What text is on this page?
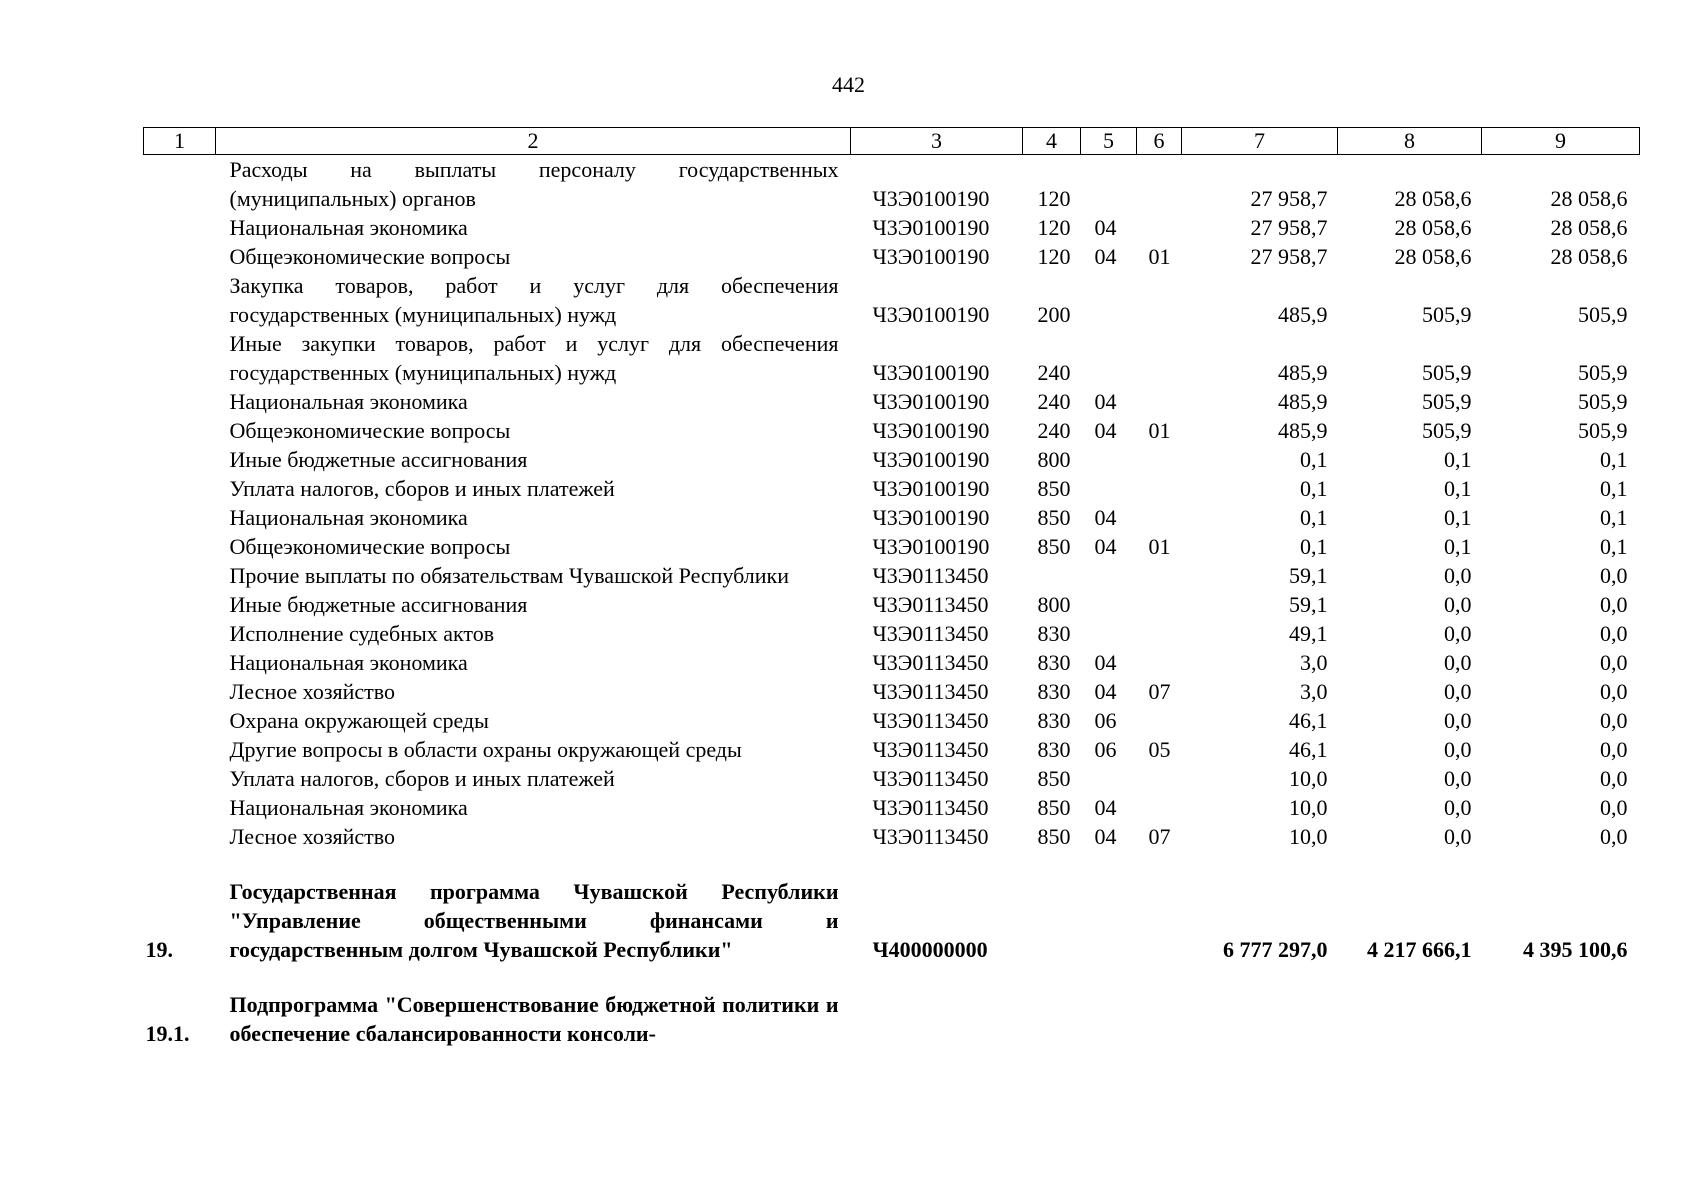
442
1	2	3	4	5	6	7	8	9
	Расходы на выплаты персоналу государственных (муниципальных) органов	Ч3Э0100190	120			27 958,7	28 058,6	28 058,6
	Национальная экономика	Ч3Э0100190	120	04		27 958,7	28 058,6	28 058,6
	Общеэкономические вопросы	Ч3Э0100190	120	04	01	27 958,7	28 058,6	28 058,6
	Закупка товаров, работ и услуг для обеспечения государственных (муниципальных) нужд	Ч3Э0100190	200			485,9	505,9	505,9
	Иные закупки товаров, работ и услуг для обеспечения государственных (муниципальных) нужд	Ч3Э0100190	240			485,9	505,9	505,9
	Национальная экономика	Ч3Э0100190	240	04		485,9	505,9	505,9
	Общеэкономические вопросы	Ч3Э0100190	240	04	01	485,9	505,9	505,9
	Иные бюджетные ассигнования	Ч3Э0100190	800			0,1	0,1	0,1
	Уплата налогов, сборов и иных платежей	Ч3Э0100190	850			0,1	0,1	0,1
	Национальная экономика	Ч3Э0100190	850	04		0,1	0,1	0,1
	Общеэкономические вопросы	Ч3Э0100190	850	04	01	0,1	0,1	0,1
	Прочие выплаты по обязательствам Чувашской Республики	Ч3Э0113450				59,1	0,0	0,0
	Иные бюджетные ассигнования	Ч3Э0113450	800			59,1	0,0	0,0
	Исполнение судебных актов	Ч3Э0113450	830			49,1	0,0	0,0
	Национальная экономика	Ч3Э0113450	830	04		3,0	0,0	0,0
	Лесное хозяйство	Ч3Э0113450	830	04	07	3,0	0,0	0,0
	Охрана окружающей среды	Ч3Э0113450	830	06		46,1	0,0	0,0
	Другие вопросы в области охраны окружающей среды	Ч3Э0113450	830	06	05	46,1	0,0	0,0
	Уплата налогов, сборов и иных платежей	Ч3Э0113450	850			10,0	0,0	0,0
	Национальная экономика	Ч3Э0113450	850	04		10,0	0,0	0,0
	Лесное хозяйство	Ч3Э0113450	850	04	07	10,0	0,0	0,0

19.	Государственная программа Чувашской Республики "Управление общественными финансами и государственным долгом Чувашской Республики"	Ч400000000				6 777 297,0	4 217 666,1	4 395 100,6

19.1.	Подпрограмма "Совершенствование бюджетной политики и обеспечение сбалансированности консоли-							
